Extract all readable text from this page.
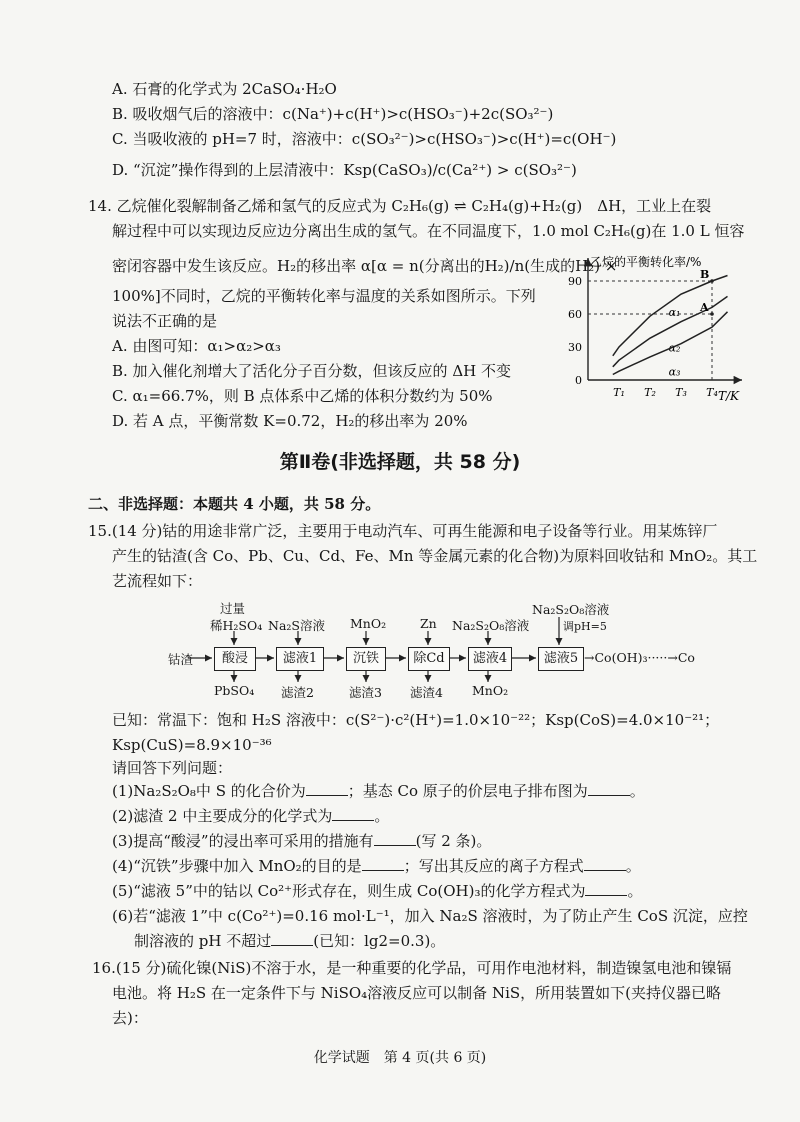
A. 石膏的化学式为 2CaSO₄·H₂O
B. 吸收烟气后的溶液中：c(Na⁺)+c(H⁺)>c(HSO₃⁻)+2c(SO₃²⁻)
C. 当吸收液的 pH=7 时，溶液中：c(SO₃²⁻)>c(HSO₃⁻)>c(H⁺)=c(OH⁻)
D. “沉淀”操作得到的上层清液中：Ksp(CaSO₃)/c(Ca²⁺) > c(SO₃²⁻)
14. 乙烷催化裂解制备乙烯和氢气的反应式为 C₂H₆(g) ⇌ C₂H₄(g)+H₂(g)　ΔH，工业上在裂
解过程中可以实现边反应边分离出生成的氢气。在不同温度下，1.0 mol C₂H₆(g)在 1.0 L 恒容
密闭容器中发生该反应。H₂的移出率 α[α = n(分离出的H₂)/n(生成的H₂) ×
100%]不同时，乙烷的平衡转化率与温度的关系如图所示。下列
说法不正确的是
A. 由图可知：α₁>α₂>α₃
B. 加入催化剂增大了活化分子百分数，但该反应的 ΔH 不变
C. α₁=66.7%，则 B 点体系中乙烯的体积分数约为 50%
D. 若 A 点，平衡常数 K=0.72，H₂的移出率为 20%
乙烷的平衡转化率/%
α₁
α₂
α₃
0
30
60
90
T₁ T₂ T₃ T₄
B
A
T/K
第Ⅱ卷(非选择题，共 58 分)
二、非选择题：本题共 4 小题，共 58 分。
15.(14 分)钴的用途非常广泛，主要用于电动汽车、可再生能源和电子设备等行业。用某炼锌厂
产生的钴渣(含 Co、Pb、Cu、Cd、Fe、Mn 等金属元素的化合物)为原料回收钴和 MnO₂。其工
艺流程如下：
钴渣	酸浸	滤液1	沉铁	除Cd	滤液4	滤液5
过量
稀H₂SO₄ Na₂S溶液 MnO₂	Zn Na₂S₂O₈溶液
Na₂S₂O₈溶液
调pH=5
PbSO₄ 滤渣2	滤渣3 滤渣4 MnO₂
→Co(OH)₃·····→Co
已知：常温下：饱和 H₂S 溶液中：c(S²⁻)·c²(H⁺)=1.0×10⁻²²；Ksp(CoS)=4.0×10⁻²¹；
Ksp(CuS)=8.9×10⁻³⁶
请回答下列问题：
(1)Na₂S₂O₈中 S 的化合价为	；基态 Co 原子的价层电子排布图为	。
(2)滤渣 2 中主要成分的化学式为	。
(3)提高“酸浸”的浸出率可采用的措施有	(写 2 条)。
(4)“沉铁”步骤中加入 MnO₂的目的是	；写出其反应的离子方程式	。
(5)“滤液 5”中的钴以 Co²⁺形式存在，则生成 Co(OH)₃的化学方程式为	。
(6)若“滤液 1”中 c(Co²⁺)=0.16 mol·L⁻¹，加入 Na₂S 溶液时，为了防止产生 CoS 沉淀，应控
制溶液的 pH 不超过	(已知：lg2=0.3)。
16.(15 分)硫化镍(NiS)不溶于水，是一种重要的化学品，可用作电池材料，制造镍氢电池和镍镉
电池。将 H₂S 在一定条件下与 NiSO₄溶液反应可以制备 NiS，所用装置如下(夹持仪器已略
去)：
化学试题　第 4 页(共 6 页)
